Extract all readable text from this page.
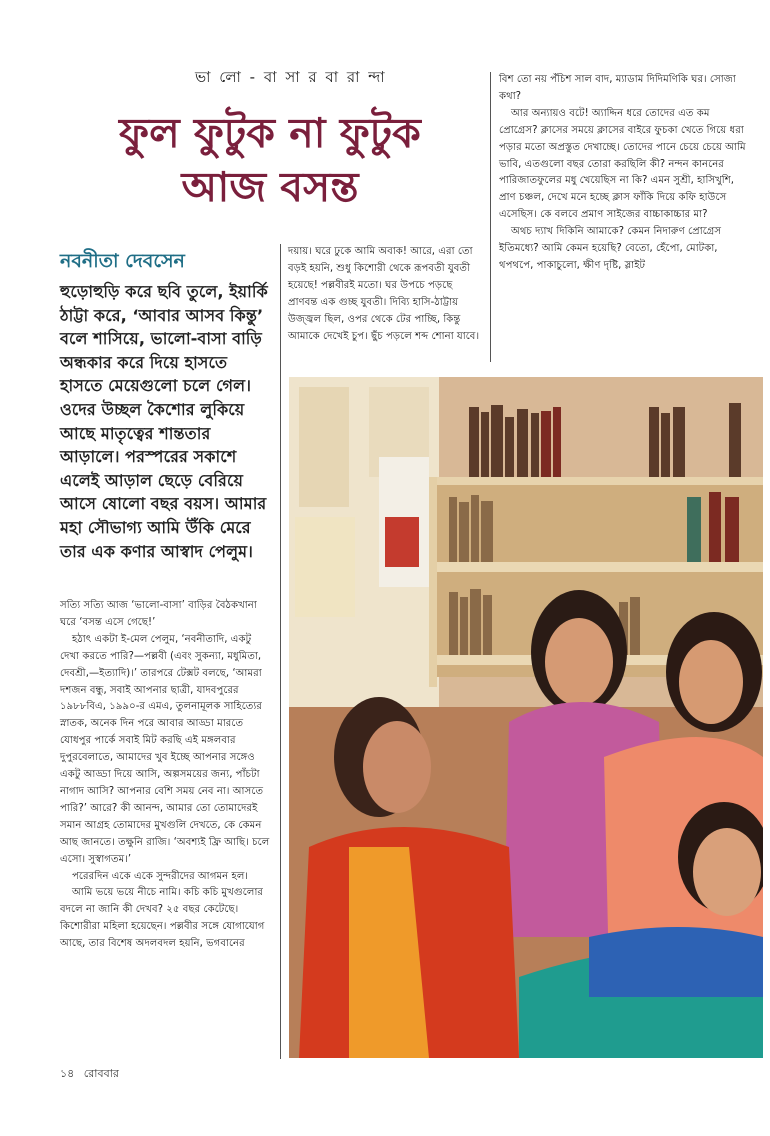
ভা লো - বা সা র বা রা ন্দা
ফুল ফুটুক না ফুটুক
আজ বসন্ত
নবনীতা দেবসেন
হুড়োহুড়ি করে ছবি তুলে, ইয়ার্কি ঠাট্টা করে, ‘আবার আসব কিন্তু’ বলে শাসিয়ে, ভালো-বাসা বাড়ি অন্ধকার করে দিয়ে হাসতে হাসতে মেয়েগুলো চলে গেল। ওদের উচ্ছল কৈশোর লুকিয়ে আছে মাতৃত্বের শান্ততার আড়ালে। পরস্পরের সকাশে এলেই আড়াল ছেড়ে বেরিয়ে আসে ষোলো বছর বয়স। আমার মহা সৌভাগ্য আমি উঁকি মেরে তার এক কণার আস্বাদ পেলুম।

সত্যি সত্যি আজ ‘ভালো-বাসা’ বাড়ির বৈঠকখানা ঘরে ‘বসন্ত এসে গেছে!’

হঠাৎ একটা ই-মেল পেলুম, ‘নবনীতাদি, একটু দেখা করতে পারি?—পল্লবী (এবং সুকন্যা, মধুমিতা, দেবশ্রী,—ইত্যাদি)।’ তারপরে টেক্সট বলছে, ‘আমরা দশজন বন্ধু, সবাই আপনার ছাত্রী, যাদবপুরের ১৯৮৮বিএ, ১৯৯০-র এমএ, তুলনামূলক সাহিত্যের স্নাতক, অনেক দিন পরে আবার আড্ডা মারতে যোধপুর পার্কে সবাই মিট করছি এই মঙ্গলবার দুপুরবেলাতে, আমাদের খুব ইচ্ছে আপনার সঙ্গেও একটু আড্ডা দিয়ে আসি, অল্পসময়ের জন্য, পাঁচটা নাগাদ আসি? আপনার বেশি সময় নেব না। আসতে পারি?’ আরে? কী আনন্দ, আমার তো তোমাদেরই সমান আগ্রহ তোমাদের মুখগুলি দেখতে, কে কেমন আছ জানতে। তক্ষুনি রাজি। ‘অবশ্যই ফ্রি আছি। চলে এসো। সুস্বাগতম।’

পরেরদিন একে একে সুন্দরীদের আগমন হল।

আমি ভয়ে ভয়ে নীচে নামি। কচি কচি মুখগুলোর বদলে না জানি কী দেখব? ২৫ বছর কেটেছে। কিশোরীরা মহিলা হয়েছেন। পল্লবীর সঙ্গে যোগাযোগ আছে, তার বিশেষ অদলবদল হয়নি, ভগবানের

দয়ায়। ঘরে ঢুকে আমি অবাক! আরে, এরা তো বড়ই হয়নি, শুধু কিশোরী থেকে রূপবতী যুবতী হয়েছে! পল্লবীরই মতো। ঘর উপচে পড়ছে প্রাণবন্ত এক গুচ্ছ যুবতী। দিব্যি হাসি-ঠাট্টায় উজ্জ্বল ছিল, ওপর থেকে টের পাচ্ছি, কিন্তু আমাকে দেখেই চুপ। ছুঁচ পড়লে শব্দ শোনা যাবে।

বিশ তো নয় পঁচিশ সাল বাদ, ম্যাডাম দিদিমণিকি ঘর। সোজা কথা?

আর অন্যায়ও বটে! অ্যাদ্দিন ধরে তোদের এত কম প্রোগ্রেস? ক্লাসের সময়ে ক্লাসের বাইরে ফুচকা খেতে গিয়ে ধরা পড়ার মতো অপ্রস্তুত দেখাচ্ছে। তোদের পানে চেয়ে চেয়ে আমি ভাবি, এতগুলো বছর তোরা করছিলি কী? নন্দন কাননের পারিজাতফুলের মধু খেয়েছিস না কি? এমন সুশ্রী, হাসিখুশি, প্রাণ চঞ্চল, দেখে মনে হচ্ছে ক্লাস ফাঁকি দিয়ে কফি হাউসে এসেছিস। কে বলবে প্রমাণ সাইজের বাচ্চাকাচ্চার মা?

অথচ দ্যাখ দিকিনি আমাকে? কেমন নিদারুণ প্রোগ্রেস ইতিমধ্যে? আমি কেমন হয়েছি? বেতো, হেঁপো, মোটকা, থপথপে, পাকাচুলো, ক্ষীণ দৃষ্টি, স্লাইট

১৪ রোববার
